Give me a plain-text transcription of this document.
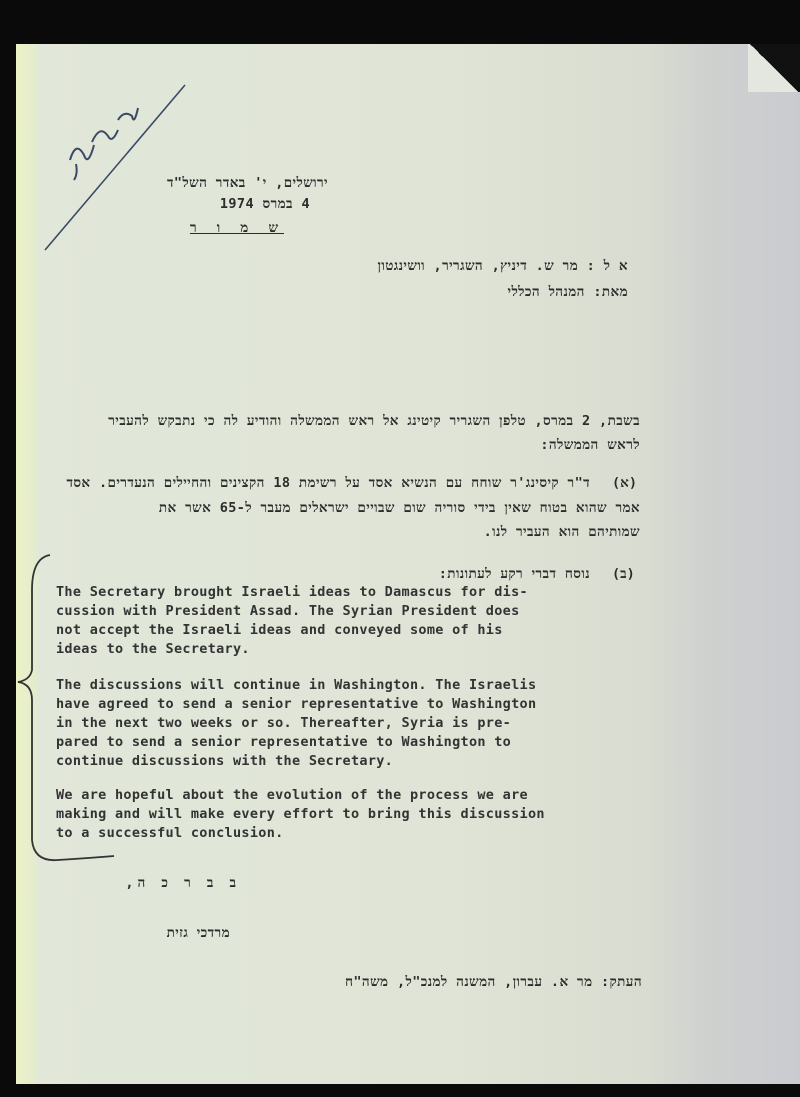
ירושלים, י' באדר השל"ד
4 במרס 1974
ש מ ו ר
א ל : מר ש. דיניץ, השגריר, וושינגטון
מאת: המנהל הכללי
בשבת, 2 במרס, טלפן השגריר קיטינג אל ראש הממשלה והודיע לה כי נתבקש להעביר
לראש הממשלה:
(א)
ד"ר קיסינג'ר שוחח עם הנשיא אסד על רשימת 18 הקצינים והחיילים הנעדרים. אסד
אמר שהוא בטוח שאין בידי סוריה שום שבויים ישראלים מעבר ל-65 אשר את
שמותיהם הוא העביר לנו.
(ב)
נוסח דברי רקע לעתונות:
The Secretary brought Israeli ideas to Damascus for dis-
cussion with President Assad. The Syrian President does
not accept the Israeli ideas and conveyed some of his
ideas to the Secretary.
The discussions will continue in Washington. The Israelis
have agreed to send a senior representative to Washington
in the next two weeks or so. Thereafter, Syria is pre-
pared to send a senior representative to Washington to
continue discussions with the Secretary.
We are hopeful about the evolution of the process we are
making and will make every effort to bring this discussion
to a successful conclusion.
ב ב ר כ ה,
מרדכי גזית
העתק: מר א. עברון, המשנה למנכ"ל, משה"ח
